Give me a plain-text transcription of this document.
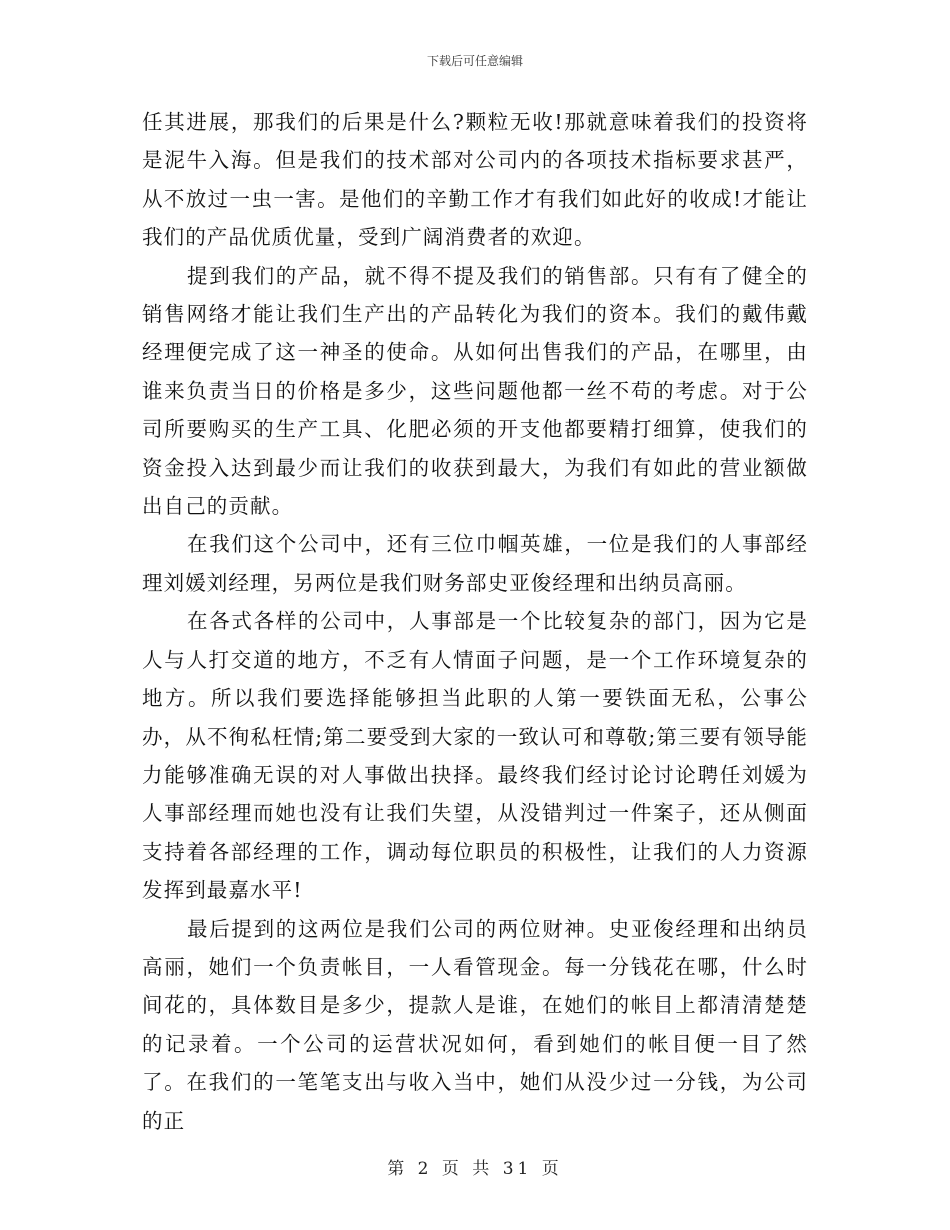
下载后可任意编辑

任其进展，那我们的后果是什么?颗粒无收!那就意味着我们的投资将是泥牛入海。但是我们的技术部对公司内的各项技术指标要求甚严，从不放过一虫一害。是他们的辛勤工作才有我们如此好的收成!才能让我们的产品优质优量，受到广阔消费者的欢迎。

提到我们的产品，就不得不提及我们的销售部。只有有了健全的销售网络才能让我们生产出的产品转化为我们的资本。我们的戴伟戴经理便完成了这一神圣的使命。从如何出售我们的产品，在哪里，由谁来负责当日的价格是多少，这些问题他都一丝不苟的考虑。对于公司所要购买的生产工具、化肥必须的开支他都要精打细算，使我们的资金投入达到最少而让我们的收获到最大，为我们有如此的营业额做出自己的贡献。

在我们这个公司中，还有三位巾帼英雄，一位是我们的人事部经理刘媛刘经理，另两位是我们财务部史亚俊经理和出纳员高丽。

在各式各样的公司中，人事部是一个比较复杂的部门，因为它是人与人打交道的地方，不乏有人情面子问题，是一个工作环境复杂的地方。所以我们要选择能够担当此职的人第一要铁面无私，公事公办，从不徇私枉情;第二要受到大家的一致认可和尊敬;第三要有领导能力能够准确无误的对人事做出抉择。最终我们经讨论讨论聘任刘媛为人事部经理而她也没有让我们失望，从没错判过一件案子，还从侧面支持着各部经理的工作，调动每位职员的积极性，让我们的人力资源发挥到最嘉水平!

最后提到的这两位是我们公司的两位财神。史亚俊经理和出纳员高丽，她们一个负责帐目，一人看管现金。每一分钱花在哪，什么时间花的，具体数目是多少，提款人是谁，在她们的帐目上都清清楚楚的记录着。一个公司的运营状况如何，看到她们的帐目便一目了然了。在我们的一笔笔支出与收入当中，她们从没少过一分钱，为公司的正

第 2 页 共 31 页
